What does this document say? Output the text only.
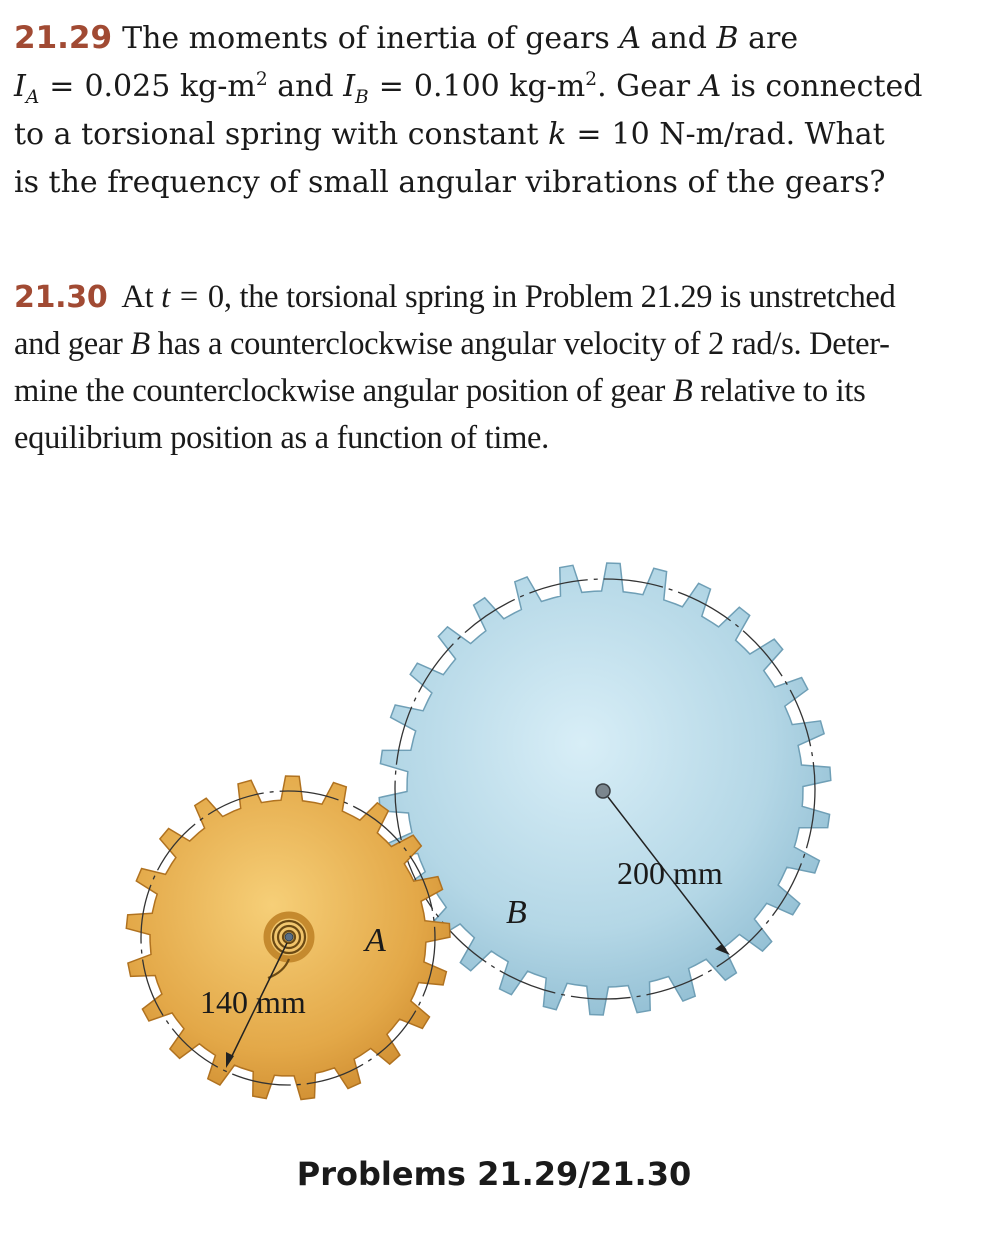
21.29 The moments of inertia of gears A and B are
$I_A = 0.025$ $kg-m^2$ and $I_B = 0.100$ $kg-m^2$. Gear A is connected
to a torsional spring with constant k = 10 N-m/rad. What
is the frequency of small angular vibrations of the gears?
21.30 At t = 0, the torsional spring in Problem 21.29 is unstretched
and gear B has a counterclockwise angular velocity of 2 rad/s. Deter-
mine the counterclockwise angular position of gear B relative to its
equilibrium position as a function of time.
200 mm
140 mm
B
A

Problems 21.29/21.30
